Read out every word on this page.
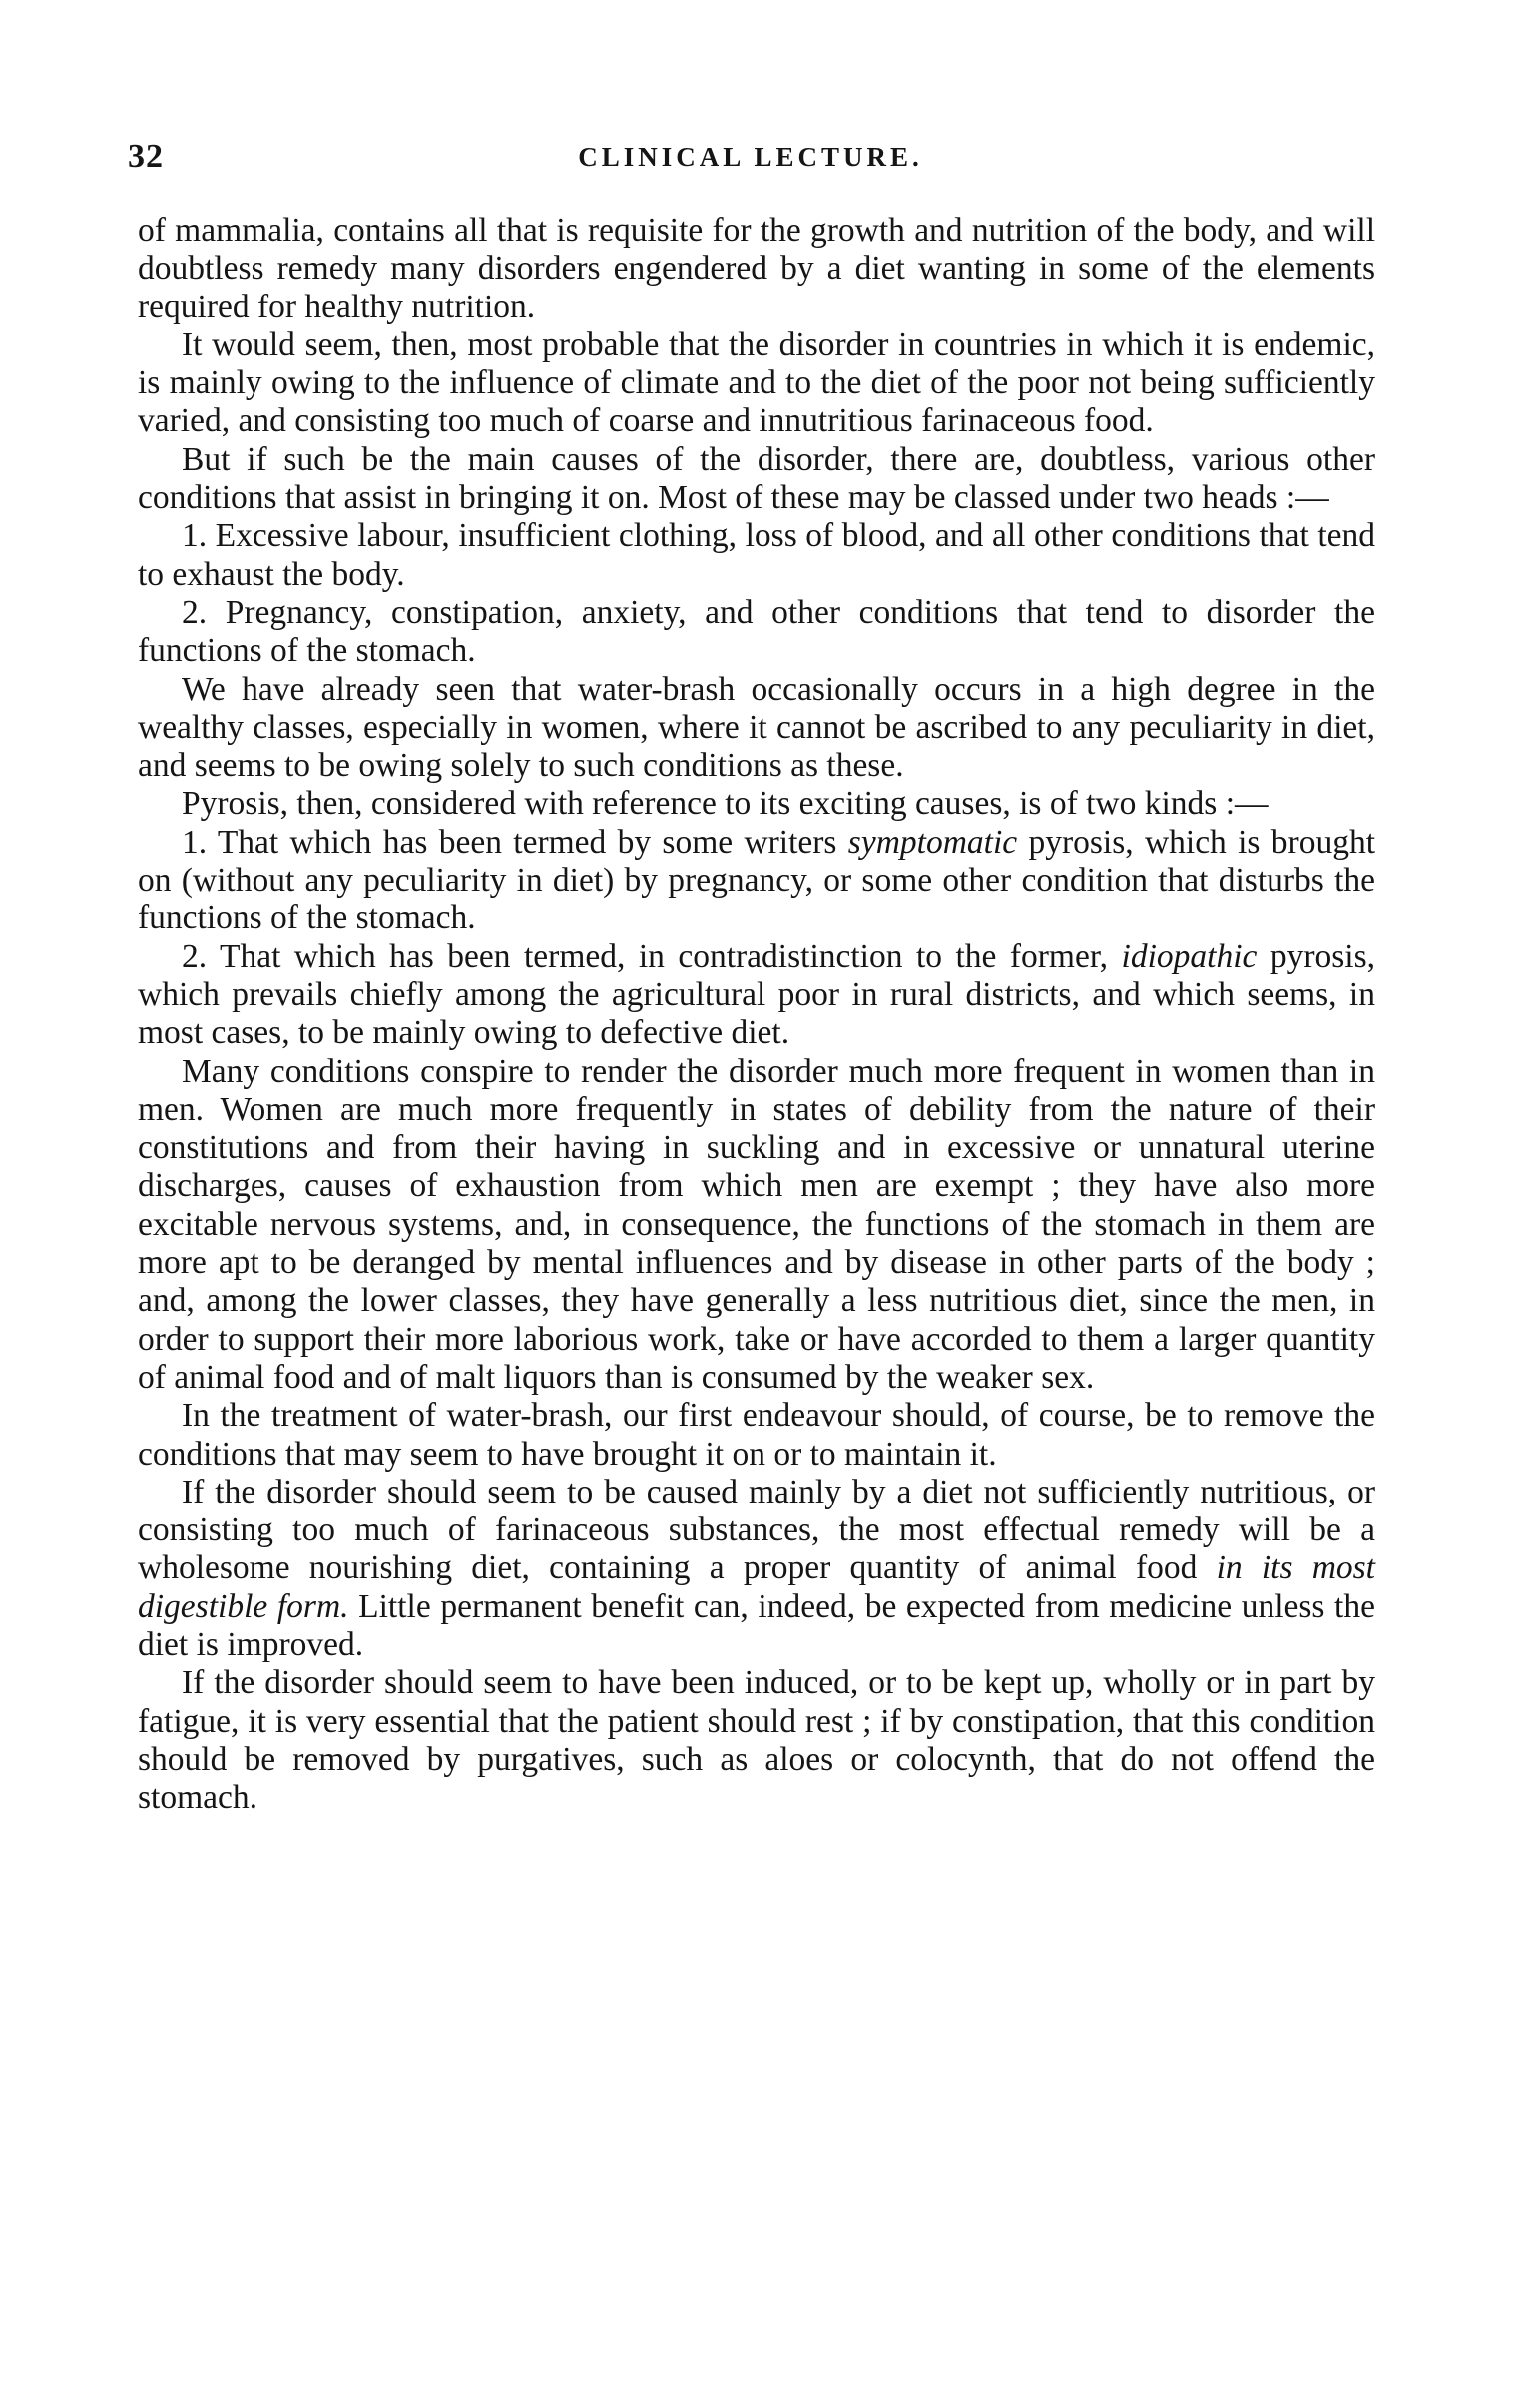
32	CLINICAL LECTURE.

of mammalia, contains all that is requisite for the growth and nutrition of the body, and will doubtless remedy many disorders engendered by a diet wanting in some of the elements required for healthy nutrition.

It would seem, then, most probable that the disorder in countries in which it is endemic, is mainly owing to the influence of climate and to the diet of the poor not being sufficiently varied, and consisting too much of coarse and innutritious farinaceous food.

But if such be the main causes of the disorder, there are, doubtless, various other conditions that assist in bringing it on. Most of these may be classed under two heads :—

1. Excessive labour, insufficient clothing, loss of blood, and all other conditions that tend to exhaust the body.

2. Pregnancy, constipation, anxiety, and other conditions that tend to disorder the functions of the stomach.

We have already seen that water-brash occasionally occurs in a high degree in the wealthy classes, especially in women, where it cannot be ascribed to any peculiarity in diet, and seems to be owing solely to such conditions as these.

Pyrosis, then, considered with reference to its exciting causes, is of two kinds :—

1. That which has been termed by some writers symptomatic pyrosis, which is brought on (without any peculiarity in diet) by pregnancy, or some other condition that disturbs the functions of the stomach.

2. That which has been termed, in contradistinction to the former, idiopathic pyrosis, which prevails chiefly among the agricultural poor in rural districts, and which seems, in most cases, to be mainly owing to defective diet.

Many conditions conspire to render the disorder much more frequent in women than in men. Women are much more frequently in states of debility from the nature of their constitutions and from their having in suckling and in excessive or unnatural uterine discharges, causes of exhaustion from which men are exempt ; they have also more excitable nervous systems, and, in consequence, the functions of the stomach in them are more apt to be deranged by mental influences and by disease in other parts of the body ; and, among the lower classes, they have generally a less nutritious diet, since the men, in order to support their more laborious work, take or have accorded to them a larger quantity of animal food and of malt liquors than is consumed by the weaker sex.

In the treatment of water-brash, our first endeavour should, of course, be to remove the conditions that may seem to have brought it on or to maintain it.

If the disorder should seem to be caused mainly by a diet not sufficiently nutritious, or consisting too much of farinaceous substances, the most effectual remedy will be a wholesome nourishing diet, containing a proper quantity of animal food in its most digestible form. Little permanent benefit can, indeed, be expected from medicine unless the diet is improved.

If the disorder should seem to have been induced, or to be kept up, wholly or in part by fatigue, it is very essential that the patient should rest ; if by constipation, that this condition should be removed by purgatives, such as aloes or colocynth, that do not offend the stomach.
